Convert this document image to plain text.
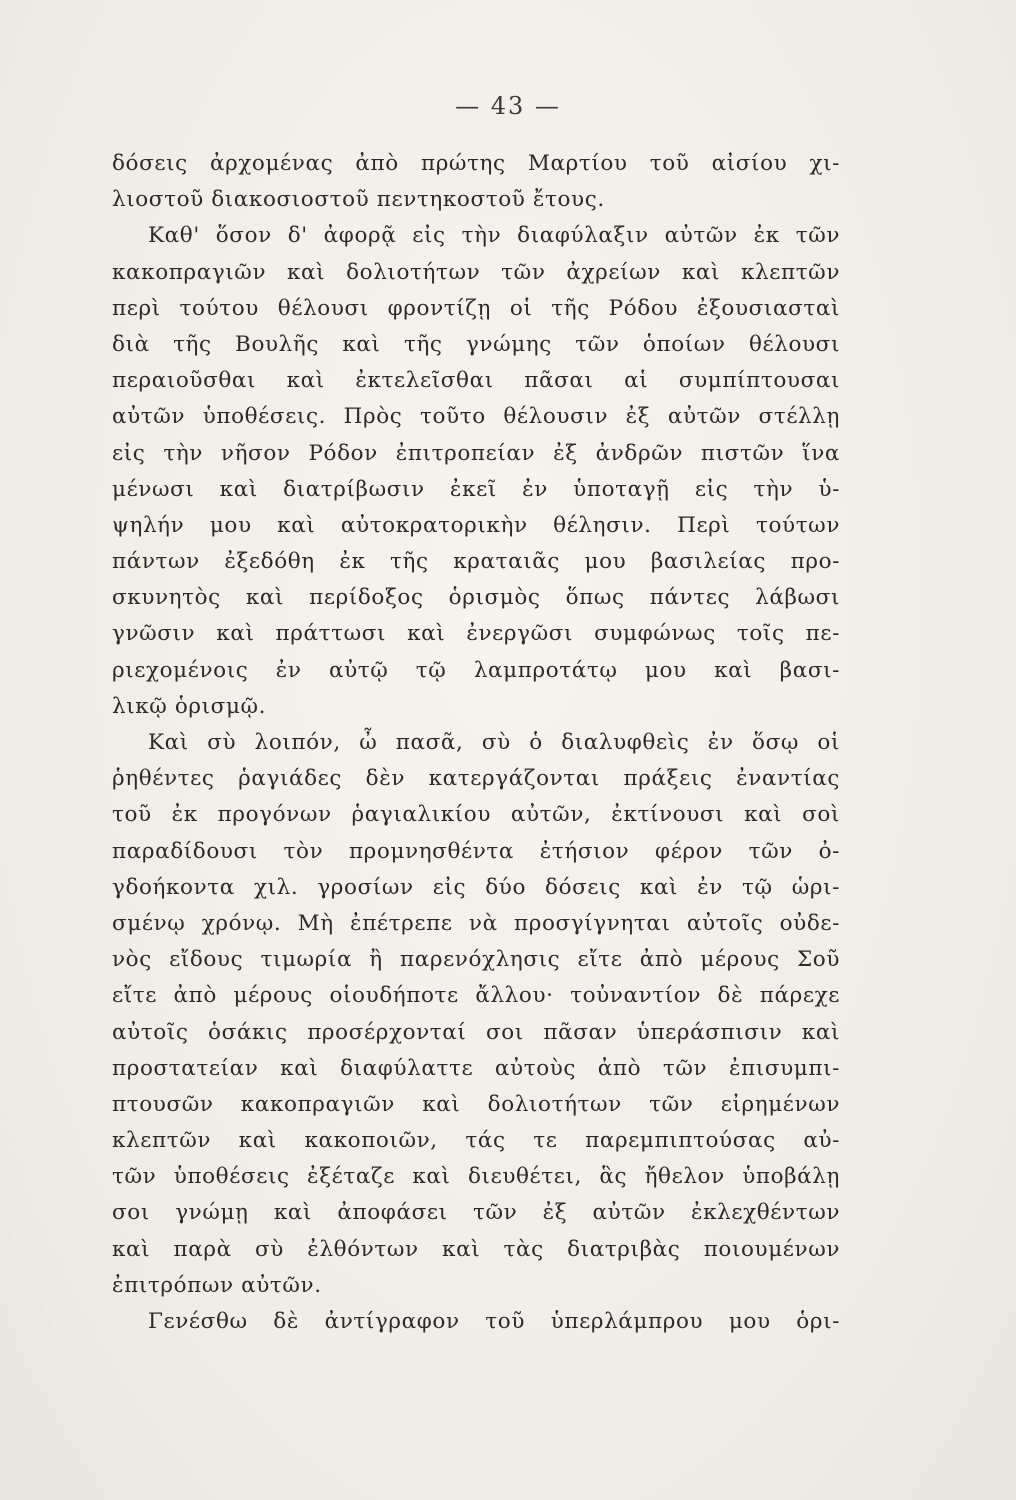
— 43 —
δόσεις ἀρχομένας ἀπὸ πρώτης Μαρτίου τοῦ αἰσίου χι-
λιοστοῦ διακοσιοστοῦ πεντηκοστοῦ ἔτους.
Καθ' ὅσον δ' ἀφορᾷ εἰς τὴν διαφύλαξιν αὐτῶν ἐκ τῶν
κακοπραγιῶν καὶ δολιοτήτων τῶν ἀχρείων καὶ κλεπτῶν
περὶ τούτου θέλουσι φροντίζῃ οἱ τῆς Ρόδου ἐξουσιασταὶ
διὰ τῆς Βουλῆς καὶ τῆς γνώμης τῶν ὁποίων θέλουσι
περαιοῦσθαι καὶ ἐκτελεῖσθαι πᾶσαι αἱ συμπίπτουσαι
αὐτῶν ὑποθέσεις. Πρὸς τοῦτο θέλουσιν ἐξ αὐτῶν στέλλῃ
εἰς τὴν νῆσον Ρόδον ἐπιτροπείαν ἐξ ἀνδρῶν πιστῶν ἵνα
μένωσι καὶ διατρίβωσιν ἐκεῖ ἐν ὑποταγῇ εἰς τὴν ὑ-
ψηλήν μου καὶ αὐτοκρατορικὴν θέλησιν. Περὶ τούτων
πάντων ἐξεδόθη ἐκ τῆς κραταιᾶς μου βασιλείας προ-
σκυνητὸς καὶ περίδοξος ὁρισμὸς ὅπως πάντες λάβωσι
γνῶσιν καὶ πράττωσι καὶ ἐνεργῶσι συμφώνως τοῖς πε-
ριεχομένοις ἐν αὐτῷ τῷ λαμπροτάτῳ μου καὶ βασι-
λικῷ ὁρισμῷ.
Καὶ σὺ λοιπόν, ὦ πασᾶ, σὺ ὁ διαλυφθεὶς ἐν ὅσῳ οἱ
ῥηθέντες ῥαγιάδες δὲν κατεργάζονται πράξεις ἐναντίας
τοῦ ἐκ προγόνων ῥαγιαλικίου αὐτῶν, ἐκτίνουσι καὶ σοὶ
παραδίδουσι τὸν προμνησθέντα ἐτήσιον φέρον τῶν ὀ-
γδοήκοντα χιλ. γροσίων εἰς δύο δόσεις καὶ ἐν τῷ ὡρι-
σμένῳ χρόνῳ. Μὴ ἐπέτρεπε νὰ προσγίγνηται αὐτοῖς οὐδε-
νὸς εἴδους τιμωρία ἢ παρενόχλησις εἴτε ἀπὸ μέρους Σοῦ
εἴτε ἀπὸ μέρους οἱουδήποτε ἄλλου· τοὐναντίον δὲ πάρεχε
αὐτοῖς ὁσάκις προσέρχονταί σοι πᾶσαν ὑπεράσπισιν καὶ
προστατείαν καὶ διαφύλαττε αὐτοὺς ἀπὸ τῶν ἐπισυμπι-
πτουσῶν κακοπραγιῶν καὶ δολιοτήτων τῶν εἰρημένων
κλεπτῶν καὶ κακοποιῶν, τάς τε παρεμπιπτούσας αὐ-
τῶν ὑποθέσεις ἐξέταζε καὶ διευθέτει, ἃς ἤθελον ὑποβάλῃ
σοι γνώμῃ καὶ ἀποφάσει τῶν ἐξ αὐτῶν ἐκλεχθέντων
καὶ παρὰ σὺ ἐλθόντων καὶ τὰς διατριβὰς ποιουμένων
ἐπιτρόπων αὐτῶν.
Γενέσθω δὲ ἀντίγραφον τοῦ ὑπερλάμπρου μου ὁρι-
